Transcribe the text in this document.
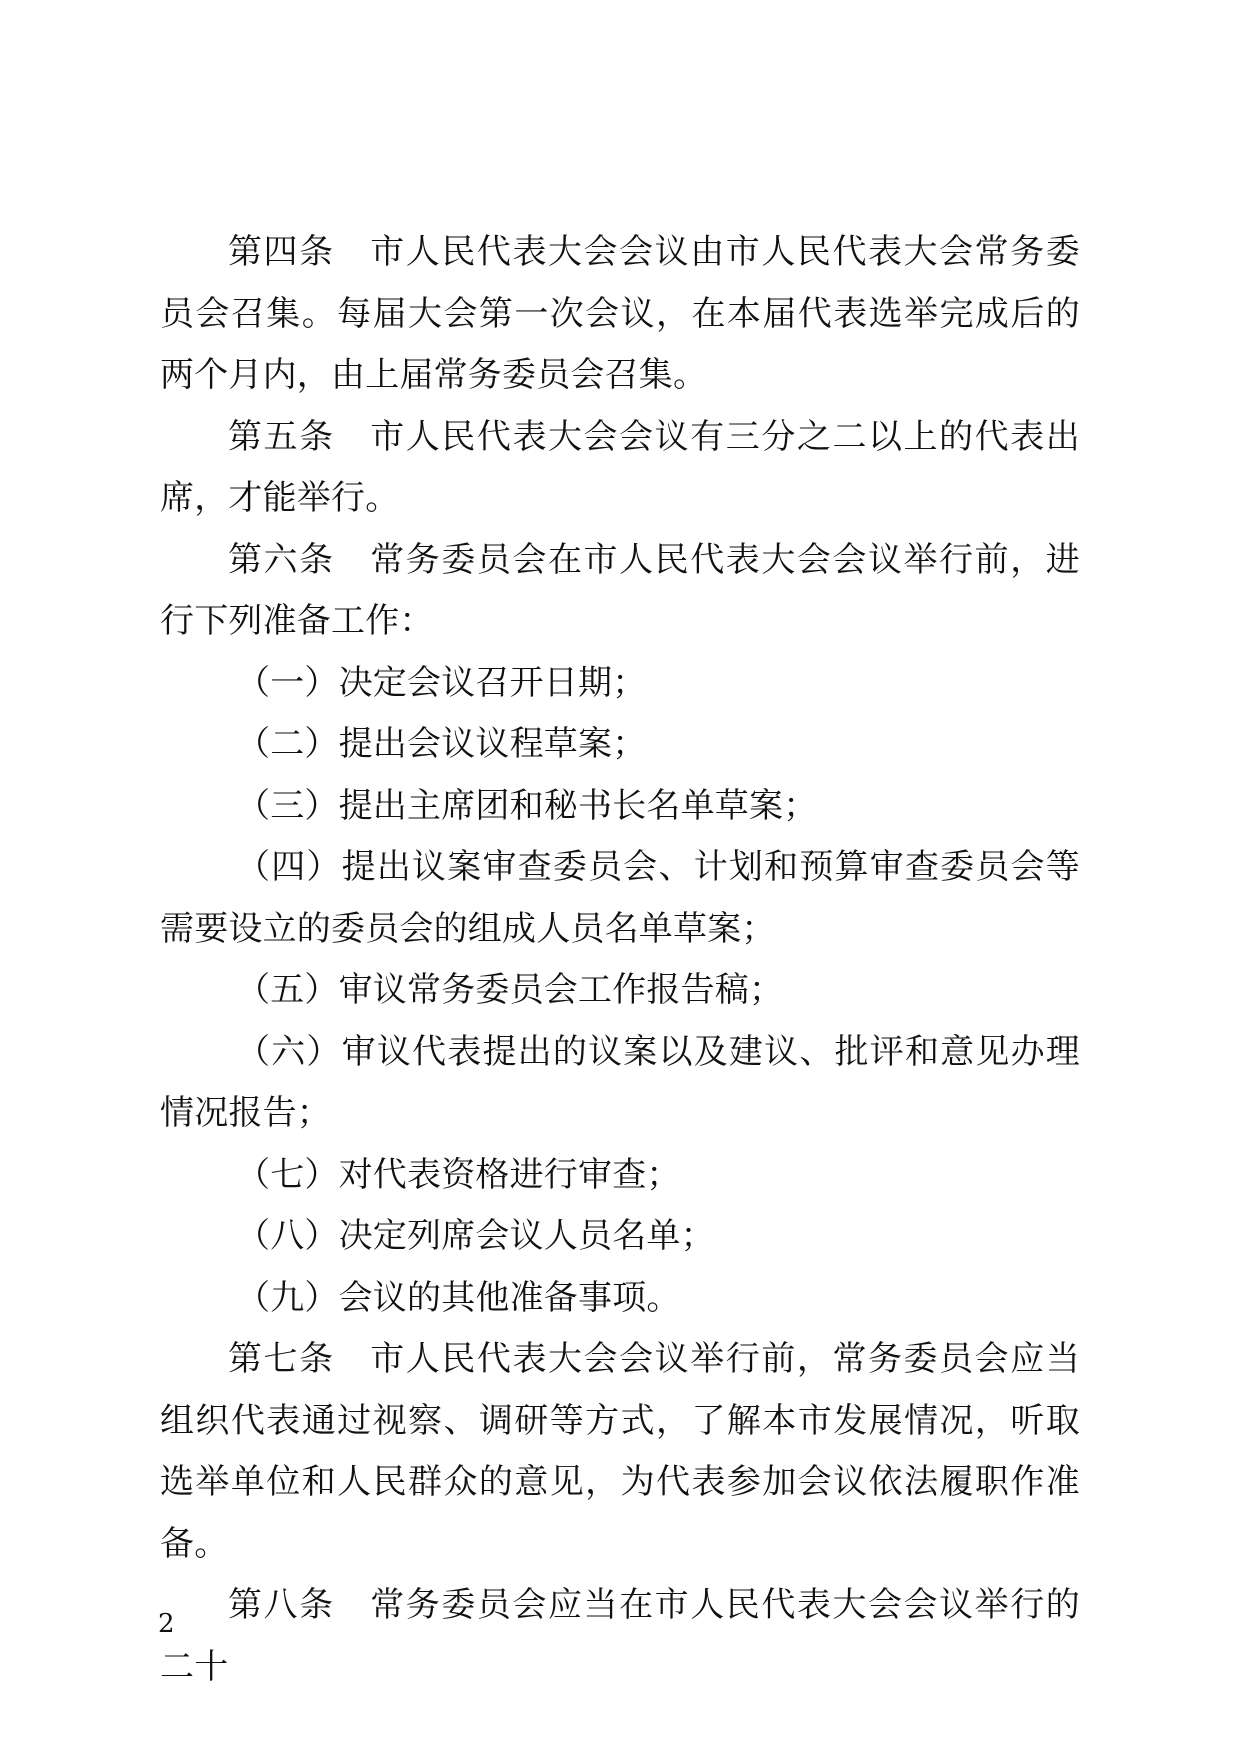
第四条　市人民代表大会会议由市人民代表大会常务委员会召集。每届大会第一次会议，在本届代表选举完成后的两个月内，由上届常务委员会召集。

第五条　市人民代表大会会议有三分之二以上的代表出席，才能举行。

第六条　常务委员会在市人民代表大会会议举行前，进行下列准备工作：

（一）决定会议召开日期；

（二）提出会议议程草案；

（三）提出主席团和秘书长名单草案；

（四）提出议案审查委员会、计划和预算审查委员会等需要设立的委员会的组成人员名单草案；

（五）审议常务委员会工作报告稿；

（六）审议代表提出的议案以及建议、批评和意见办理情况报告；

（七）对代表资格进行审查；

（八）决定列席会议人员名单；

（九）会议的其他准备事项。

第七条　市人民代表大会会议举行前，常务委员会应当组织代表通过视察、调研等方式，了解本市发展情况，听取选举单位和人民群众的意见，为代表参加会议依法履职作准备。

第八条　常务委员会应当在市人民代表大会会议举行的二十

2
